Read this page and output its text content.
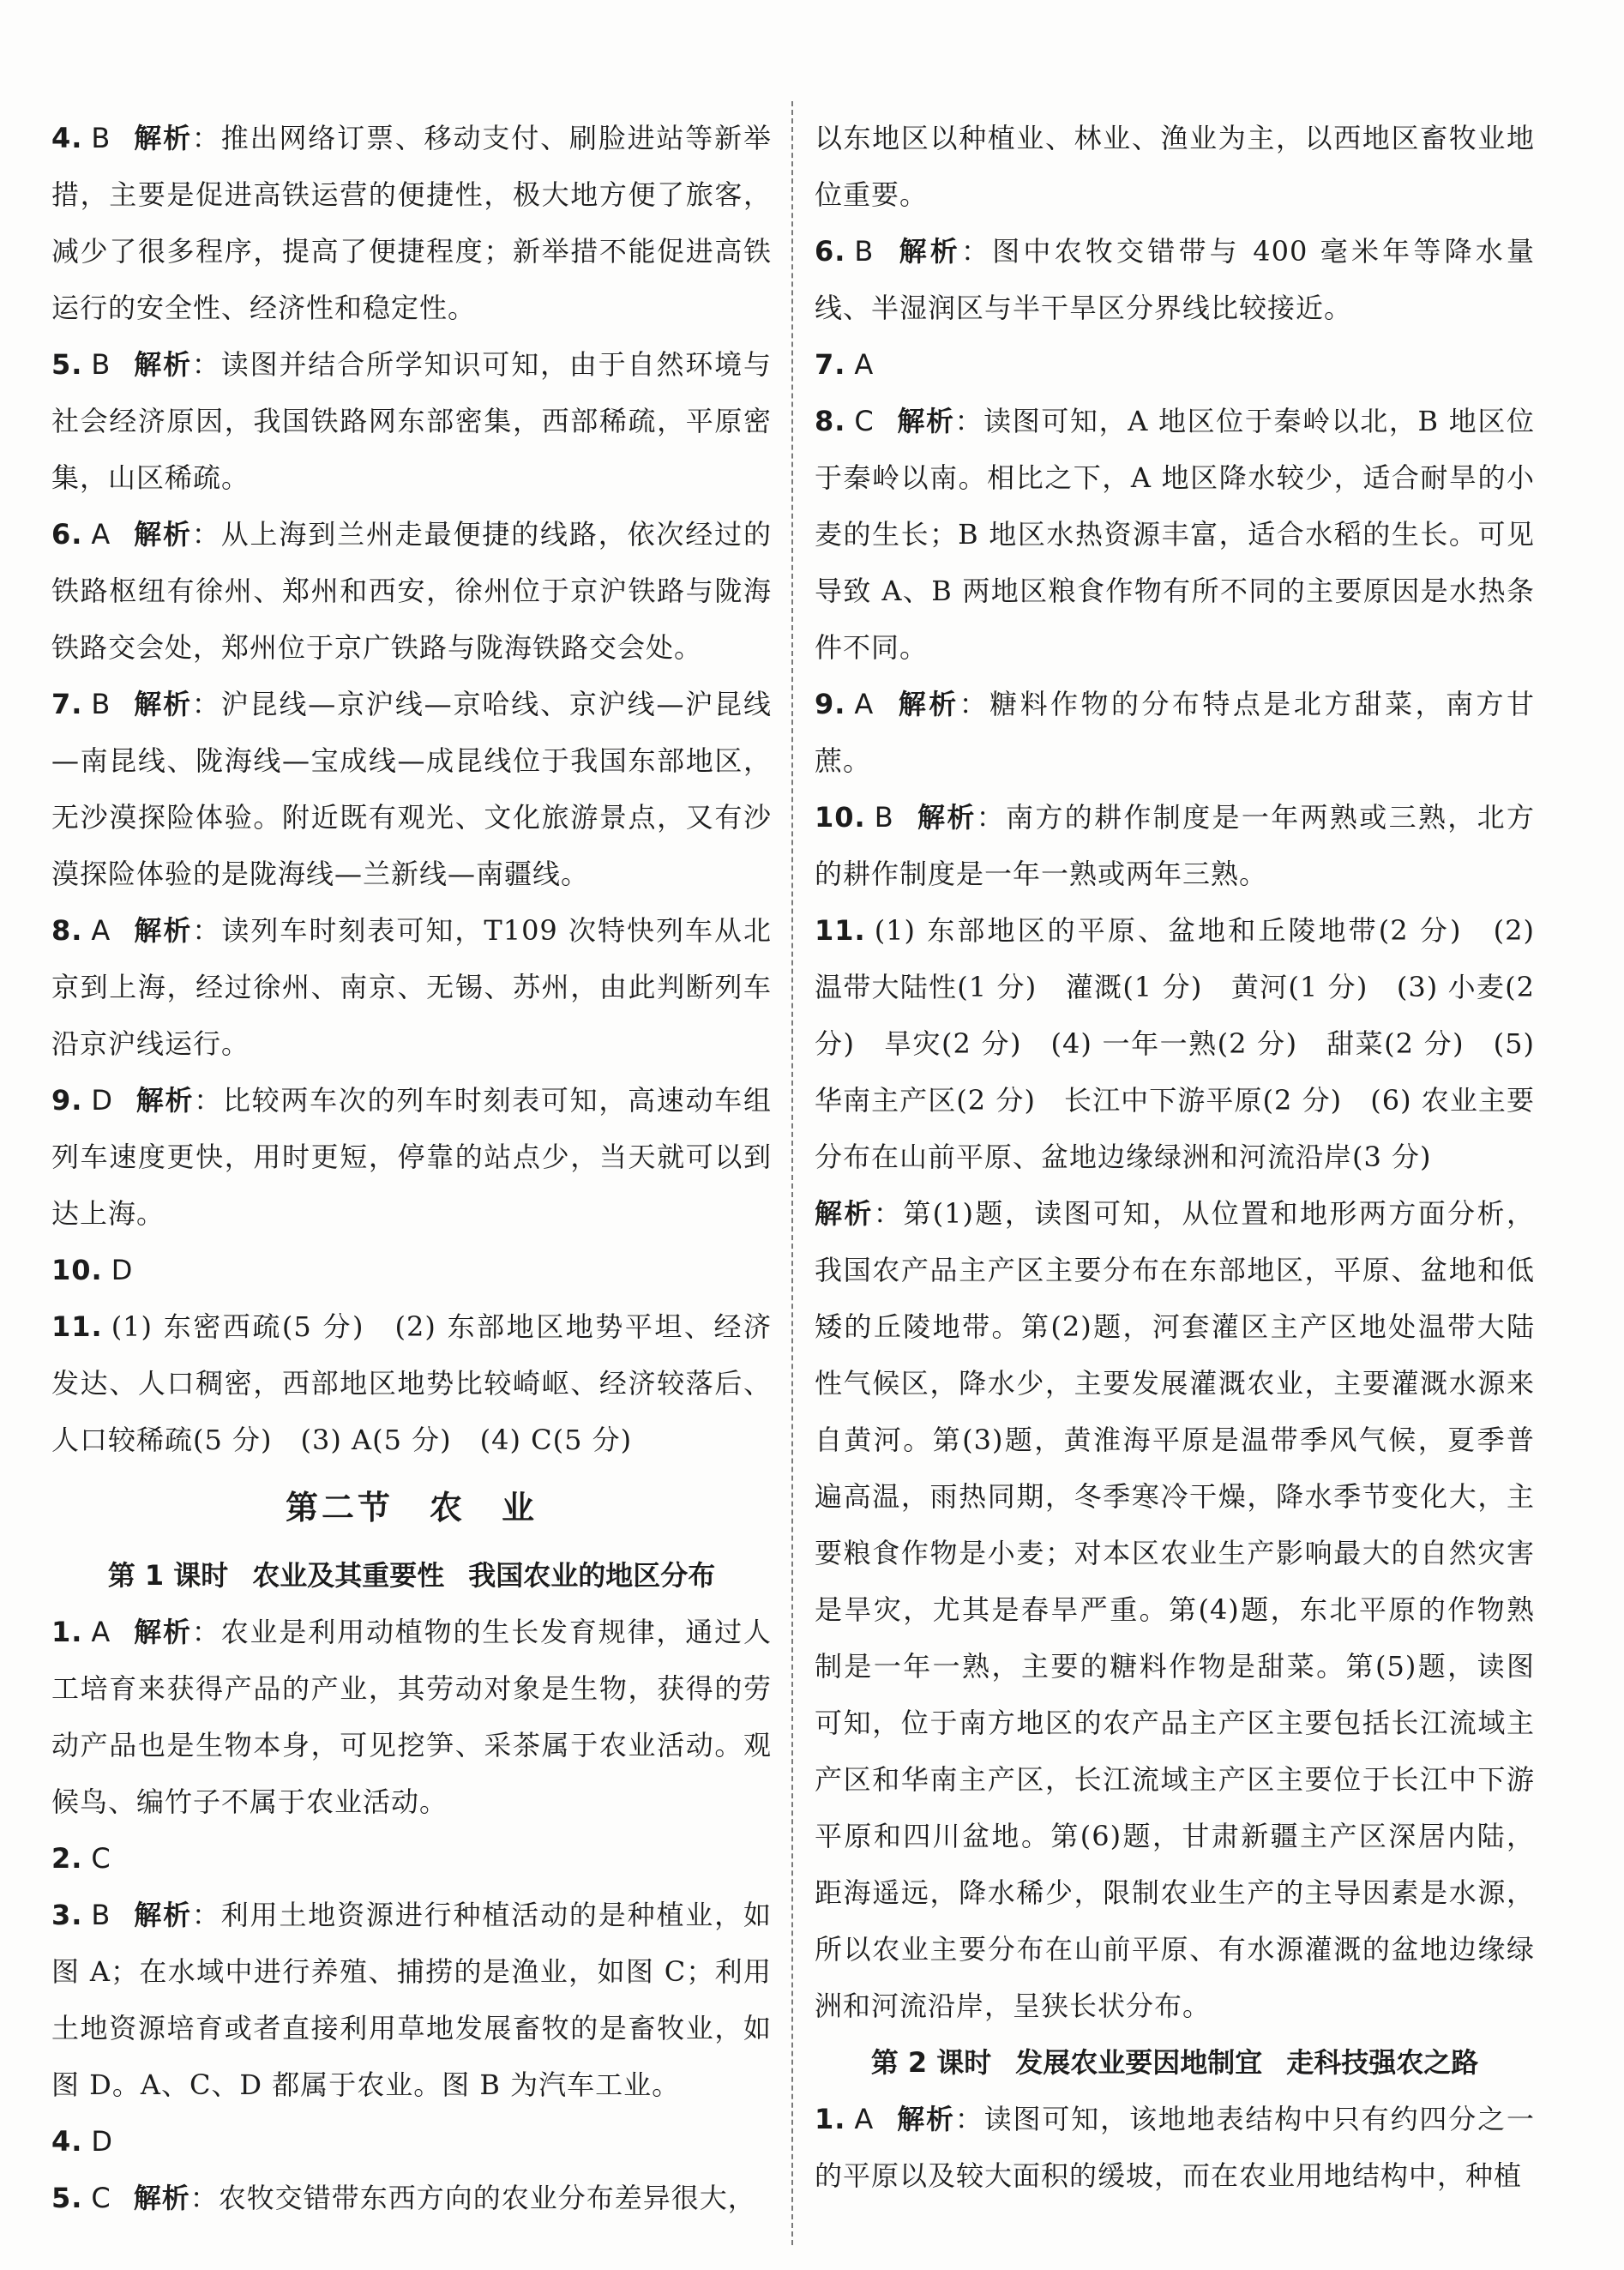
4. B 解析：推出网络订票、移动支付、刷脸进站等新举措，主要是促进高铁运营的便捷性，极大地方便了旅客，减少了很多程序，提高了便捷程度；新举措不能促进高铁运行的安全性、经济性和稳定性。

5. B 解析：读图并结合所学知识可知，由于自然环境与社会经济原因，我国铁路网东部密集，西部稀疏，平原密集，山区稀疏。

6. A 解析：从上海到兰州走最便捷的线路，依次经过的铁路枢纽有徐州、郑州和西安，徐州位于京沪铁路与陇海铁路交会处，郑州位于京广铁路与陇海铁路交会处。

7. B 解析：沪昆线—京沪线—京哈线、京沪线—沪昆线—南昆线、陇海线—宝成线—成昆线位于我国东部地区，无沙漠探险体验。附近既有观光、文化旅游景点，又有沙漠探险体验的是陇海线—兰新线—南疆线。

8. A 解析：读列车时刻表可知，T109 次特快列车从北京到上海，经过徐州、南京、无锡、苏州，由此判断列车沿京沪线运行。

9. D 解析：比较两车次的列车时刻表可知，高速动车组列车速度更快，用时更短，停靠的站点少，当天就可以到达上海。

10. D

11. (1) 东密西疏(5 分)　(2) 东部地区地势平坦、经济发达、人口稠密，西部地区地势比较崎岖、经济较落后、人口较稀疏(5 分)　(3) A(5 分)　(4) C(5 分)

第二节　农　业
第 1 课时 农业及其重要性 我国农业的地区分布

1. A 解析：农业是利用动植物的生长发育规律，通过人工培育来获得产品的产业，其劳动对象是生物，获得的劳动产品也是生物本身，可见挖笋、采茶属于农业活动。观候鸟、编竹子不属于农业活动。

2. C

3. B 解析：利用土地资源进行种植活动的是种植业，如图 A；在水域中进行养殖、捕捞的是渔业，如图 C；利用土地资源培育或者直接利用草地发展畜牧的是畜牧业，如图 D。A、C、D 都属于农业。图 B 为汽车工业。

4. D

5. C 解析：农牧交错带东西方向的农业分布差异很大，

以东地区以种植业、林业、渔业为主，以西地区畜牧业地位重要。

6. B 解析：图中农牧交错带与 400 毫米年等降水量线、半湿润区与半干旱区分界线比较接近。

7. A

8. C 解析：读图可知，A 地区位于秦岭以北，B 地区位于秦岭以南。相比之下，A 地区降水较少，适合耐旱的小麦的生长；B 地区水热资源丰富，适合水稻的生长。可见导致 A、B 两地区粮食作物有所不同的主要原因是水热条件不同。

9. A 解析：糖料作物的分布特点是北方甜菜，南方甘蔗。

10. B 解析：南方的耕作制度是一年两熟或三熟，北方的耕作制度是一年一熟或两年三熟。

11. (1) 东部地区的平原、盆地和丘陵地带(2 分)　(2) 温带大陆性(1 分)　灌溉(1 分)　黄河(1 分)　(3) 小麦(2 分)　旱灾(2 分)　(4) 一年一熟(2 分)　甜菜(2 分)　(5) 华南主产区(2 分)　长江中下游平原(2 分)　(6) 农业主要分布在山前平原、盆地边缘绿洲和河流沿岸(3 分)

解析：第(1)题，读图可知，从位置和地形两方面分析，我国农产品主产区主要分布在东部地区，平原、盆地和低矮的丘陵地带。第(2)题，河套灌区主产区地处温带大陆性气候区，降水少，主要发展灌溉农业，主要灌溉水源来自黄河。第(3)题，黄淮海平原是温带季风气候，夏季普遍高温，雨热同期，冬季寒冷干燥，降水季节变化大，主要粮食作物是小麦；对本区农业生产影响最大的自然灾害是旱灾，尤其是春旱严重。第(4)题，东北平原的作物熟制是一年一熟，主要的糖料作物是甜菜。第(5)题，读图可知，位于南方地区的农产品主产区主要包括长江流域主产区和华南主产区，长江流域主产区主要位于长江中下游平原和四川盆地。第(6)题，甘肃新疆主产区深居内陆，距海遥远，降水稀少，限制农业生产的主导因素是水源，所以农业主要分布在山前平原、有水源灌溉的盆地边缘绿洲和河流沿岸，呈狭长状分布。

第 2 课时 发展农业要因地制宜 走科技强农之路

1. A 解析：读图可知，该地地表结构中只有约四分之一的平原以及较大面积的缓坡，而在农业用地结构中，种植
